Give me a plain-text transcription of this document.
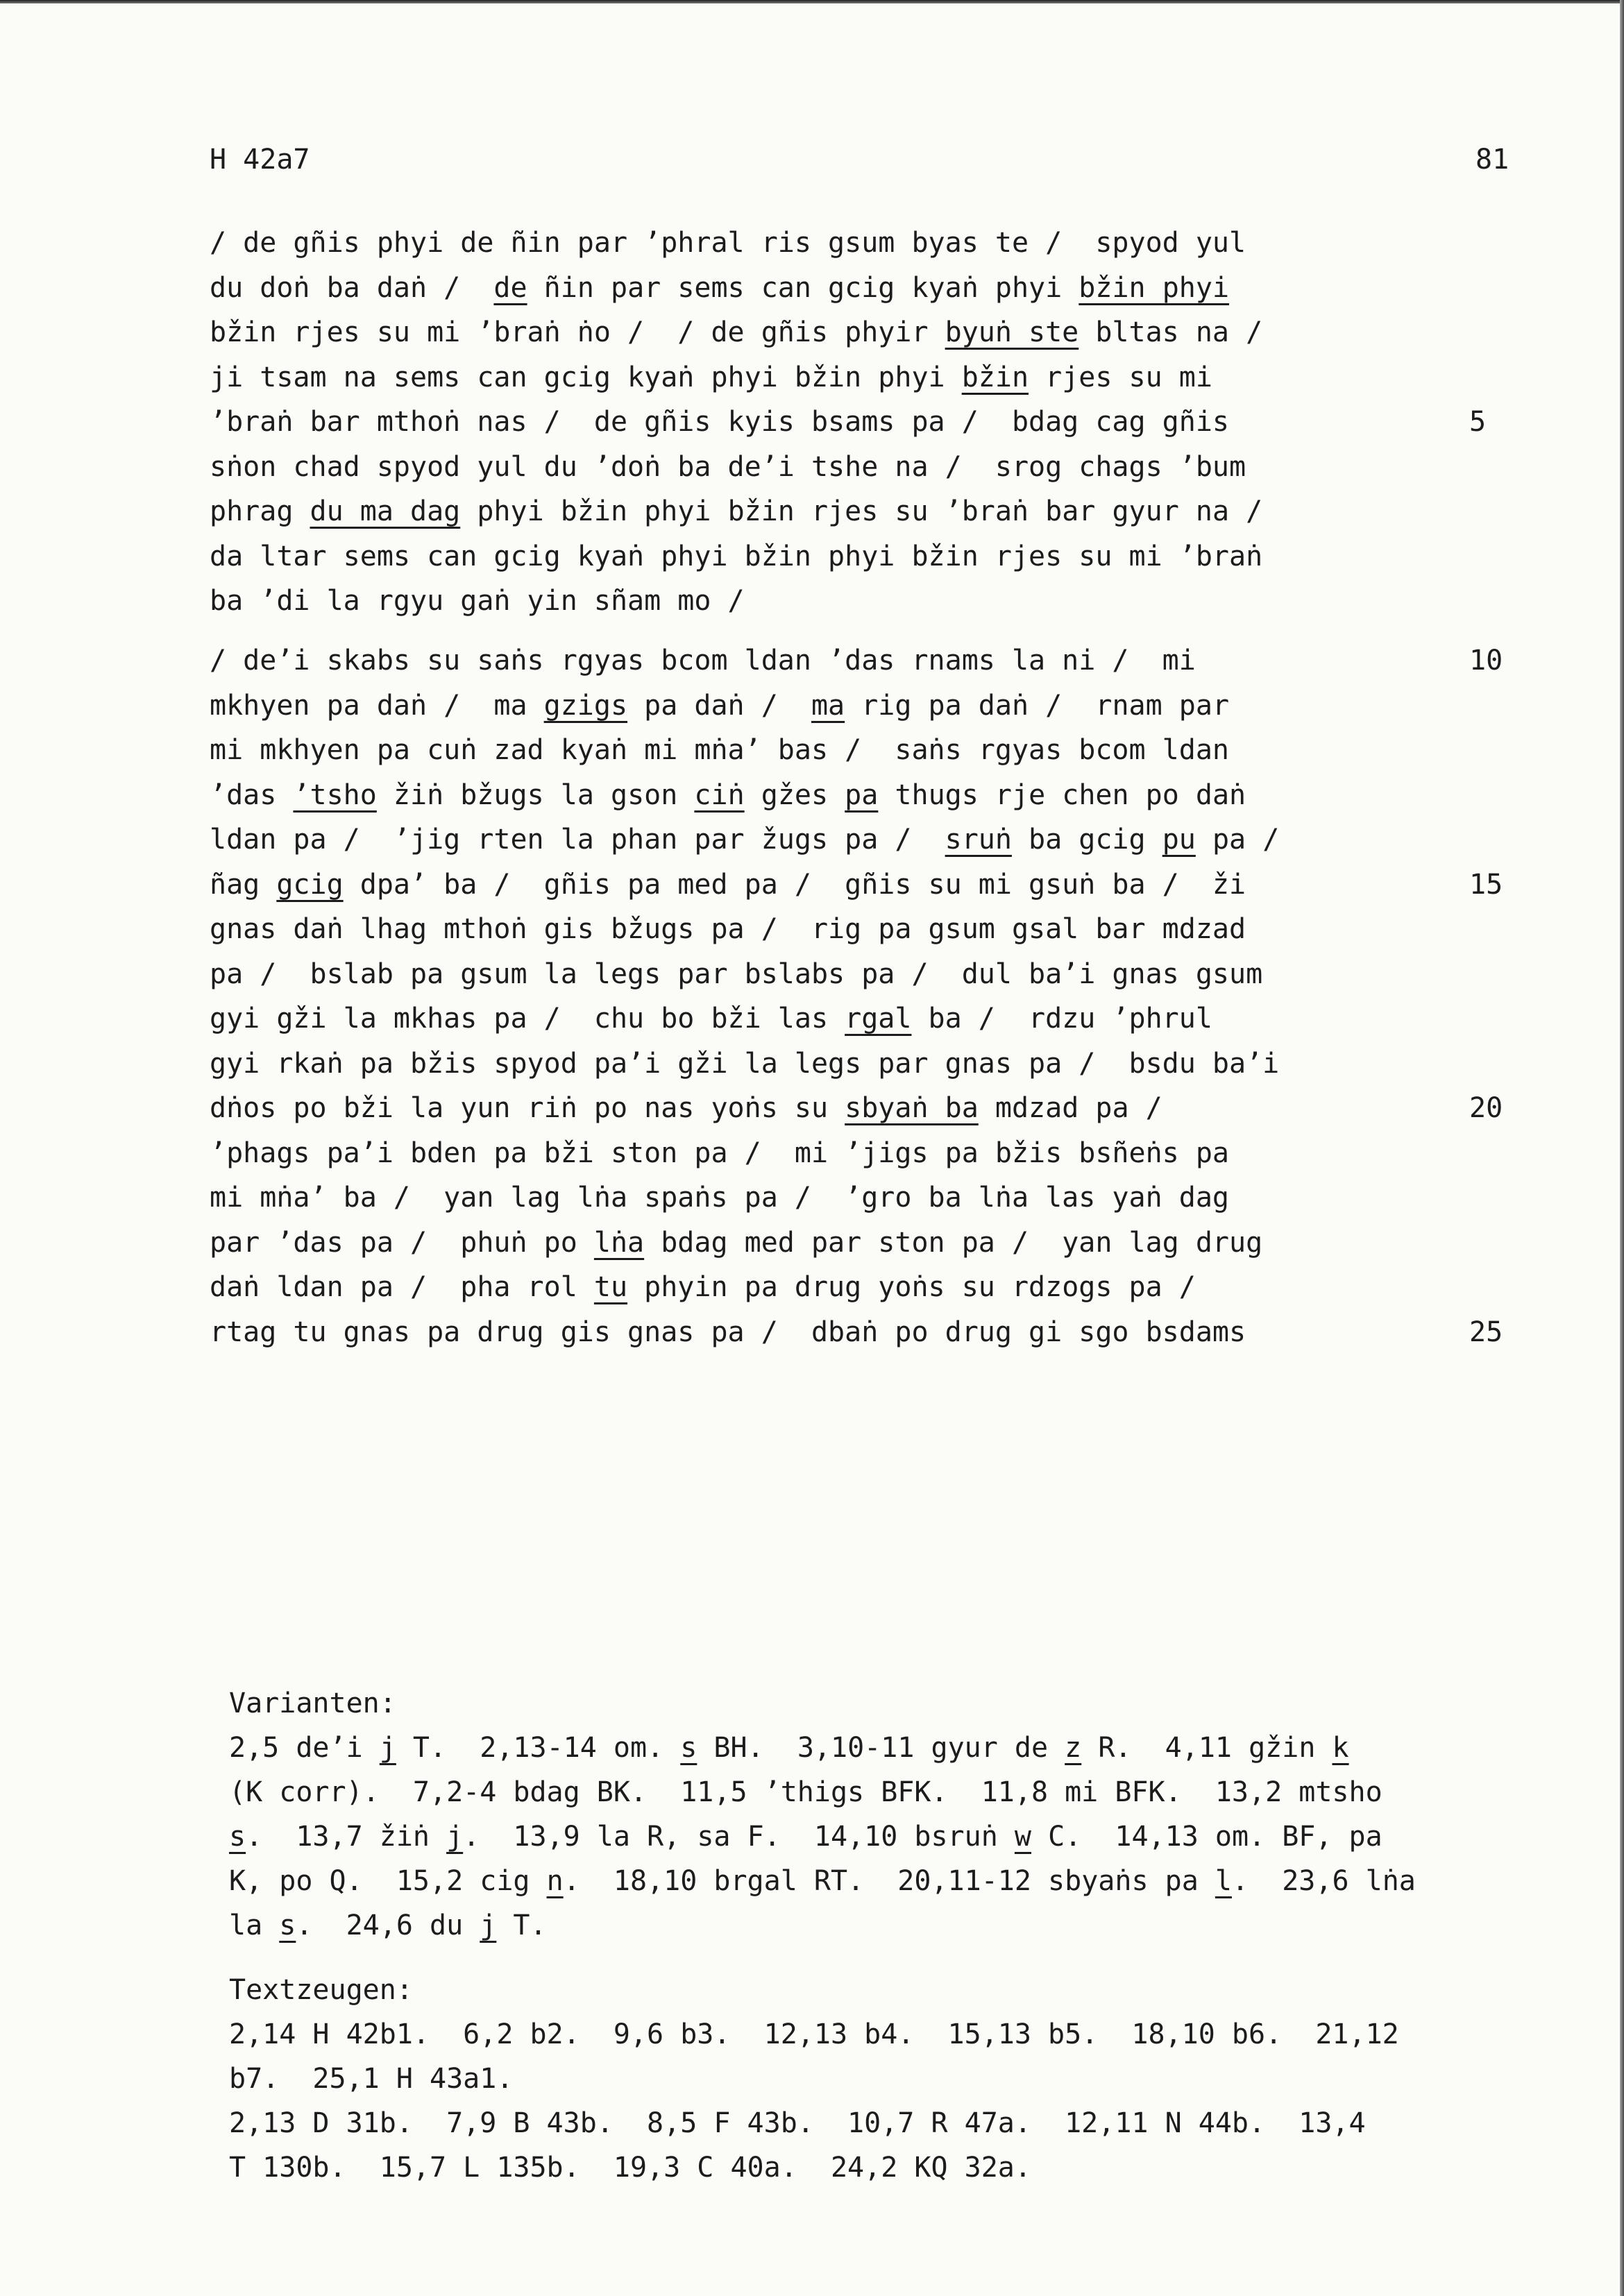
H 42a7	81
/ de gñis phyi de ñin par ’phral ris gsum byas te /  spyod yul
du doṅ ba daṅ /  de ñin par sems can gcig kyaṅ phyi bžin phyi
bžin rjes su mi ’braṅ ṅo /  / de gñis phyir byuṅ ste bltas na /
ji tsam na sems can gcig kyaṅ phyi bžin phyi bžin rjes su mi
’braṅ bar mthoṅ nas /  de gñis kyis bsams pa /  bdag cag gñis	5
sṅon chad spyod yul du ’doṅ ba de’i tshe na /  srog chags ’bum
phrag du ma dag phyi bžin phyi bžin rjes su ’braṅ bar gyur na /
da ltar sems can gcig kyaṅ phyi bžin phyi bžin rjes su mi ’braṅ
ba ’di la rgyu gaṅ yin sñam mo /
/ de’i skabs su saṅs rgyas bcom ldan ’das rnams la ni /  mi	10
mkhyen pa daṅ /  ma gzigs pa daṅ /  ma rig pa daṅ /  rnam par
mi mkhyen pa cuṅ zad kyaṅ mi mṅa’ bas /  saṅs rgyas bcom ldan
’das ’tsho žiṅ bžugs la gson ciṅ gžes pa thugs rje chen po daṅ
ldan pa /  ’jig rten la phan par žugs pa /  sruṅ ba gcig pu pa /
ñag gcig dpa’ ba /  gñis pa med pa /  gñis su mi gsuṅ ba /  ži	15
gnas daṅ lhag mthoṅ gis bžugs pa /  rig pa gsum gsal bar mdzad
pa /  bslab pa gsum la legs par bslabs pa /  dul ba’i gnas gsum
gyi gži la mkhas pa /  chu bo bži las rgal ba /  rdzu ’phrul
gyi rkaṅ pa bžis spyod pa’i gži la legs par gnas pa /  bsdu ba’i
dṅos po bži la yun riṅ po nas yoṅs su sbyaṅ ba mdzad pa /	20
’phags pa’i bden pa bži ston pa /  mi ’jigs pa bžis bsñeṅs pa
mi mṅa’ ba /  yan lag lṅa spaṅs pa /  ’gro ba lṅa las yaṅ dag
par ’das pa /  phuṅ po lṅa bdag med par ston pa /  yan lag drug
daṅ ldan pa /  pha rol tu phyin pa drug yoṅs su rdzogs pa /
rtag tu gnas pa drug gis gnas pa /  dbaṅ po drug gi sgo bsdams	25
Varianten:
2,5 de’i j T.  2,13-14 om. s BH.  3,10-11 gyur de z R.  4,11 gžin k
(K corr).  7,2-4 bdag BK.  11,5 ’thigs BFK.  11,8 mi BFK.  13,2 mtsho
s.  13,7 žiṅ j.  13,9 la R, sa F.  14,10 bsruṅ w C.  14,13 om. BF, pa
K, po Q.  15,2 cig n.  18,10 brgal RT.  20,11-12 sbyaṅs pa l.  23,6 lṅa
la s.  24,6 du j T.
Textzeugen:
2,14 H 42b1.  6,2 b2.  9,6 b3.  12,13 b4.  15,13 b5.  18,10 b6.  21,12
b7.  25,1 H 43a1.
2,13 D 31b.  7,9 B 43b.  8,5 F 43b.  10,7 R 47a.  12,11 N 44b.  13,4
T 130b.  15,7 L 135b.  19,3 C 40a.  24,2 KQ 32a.
